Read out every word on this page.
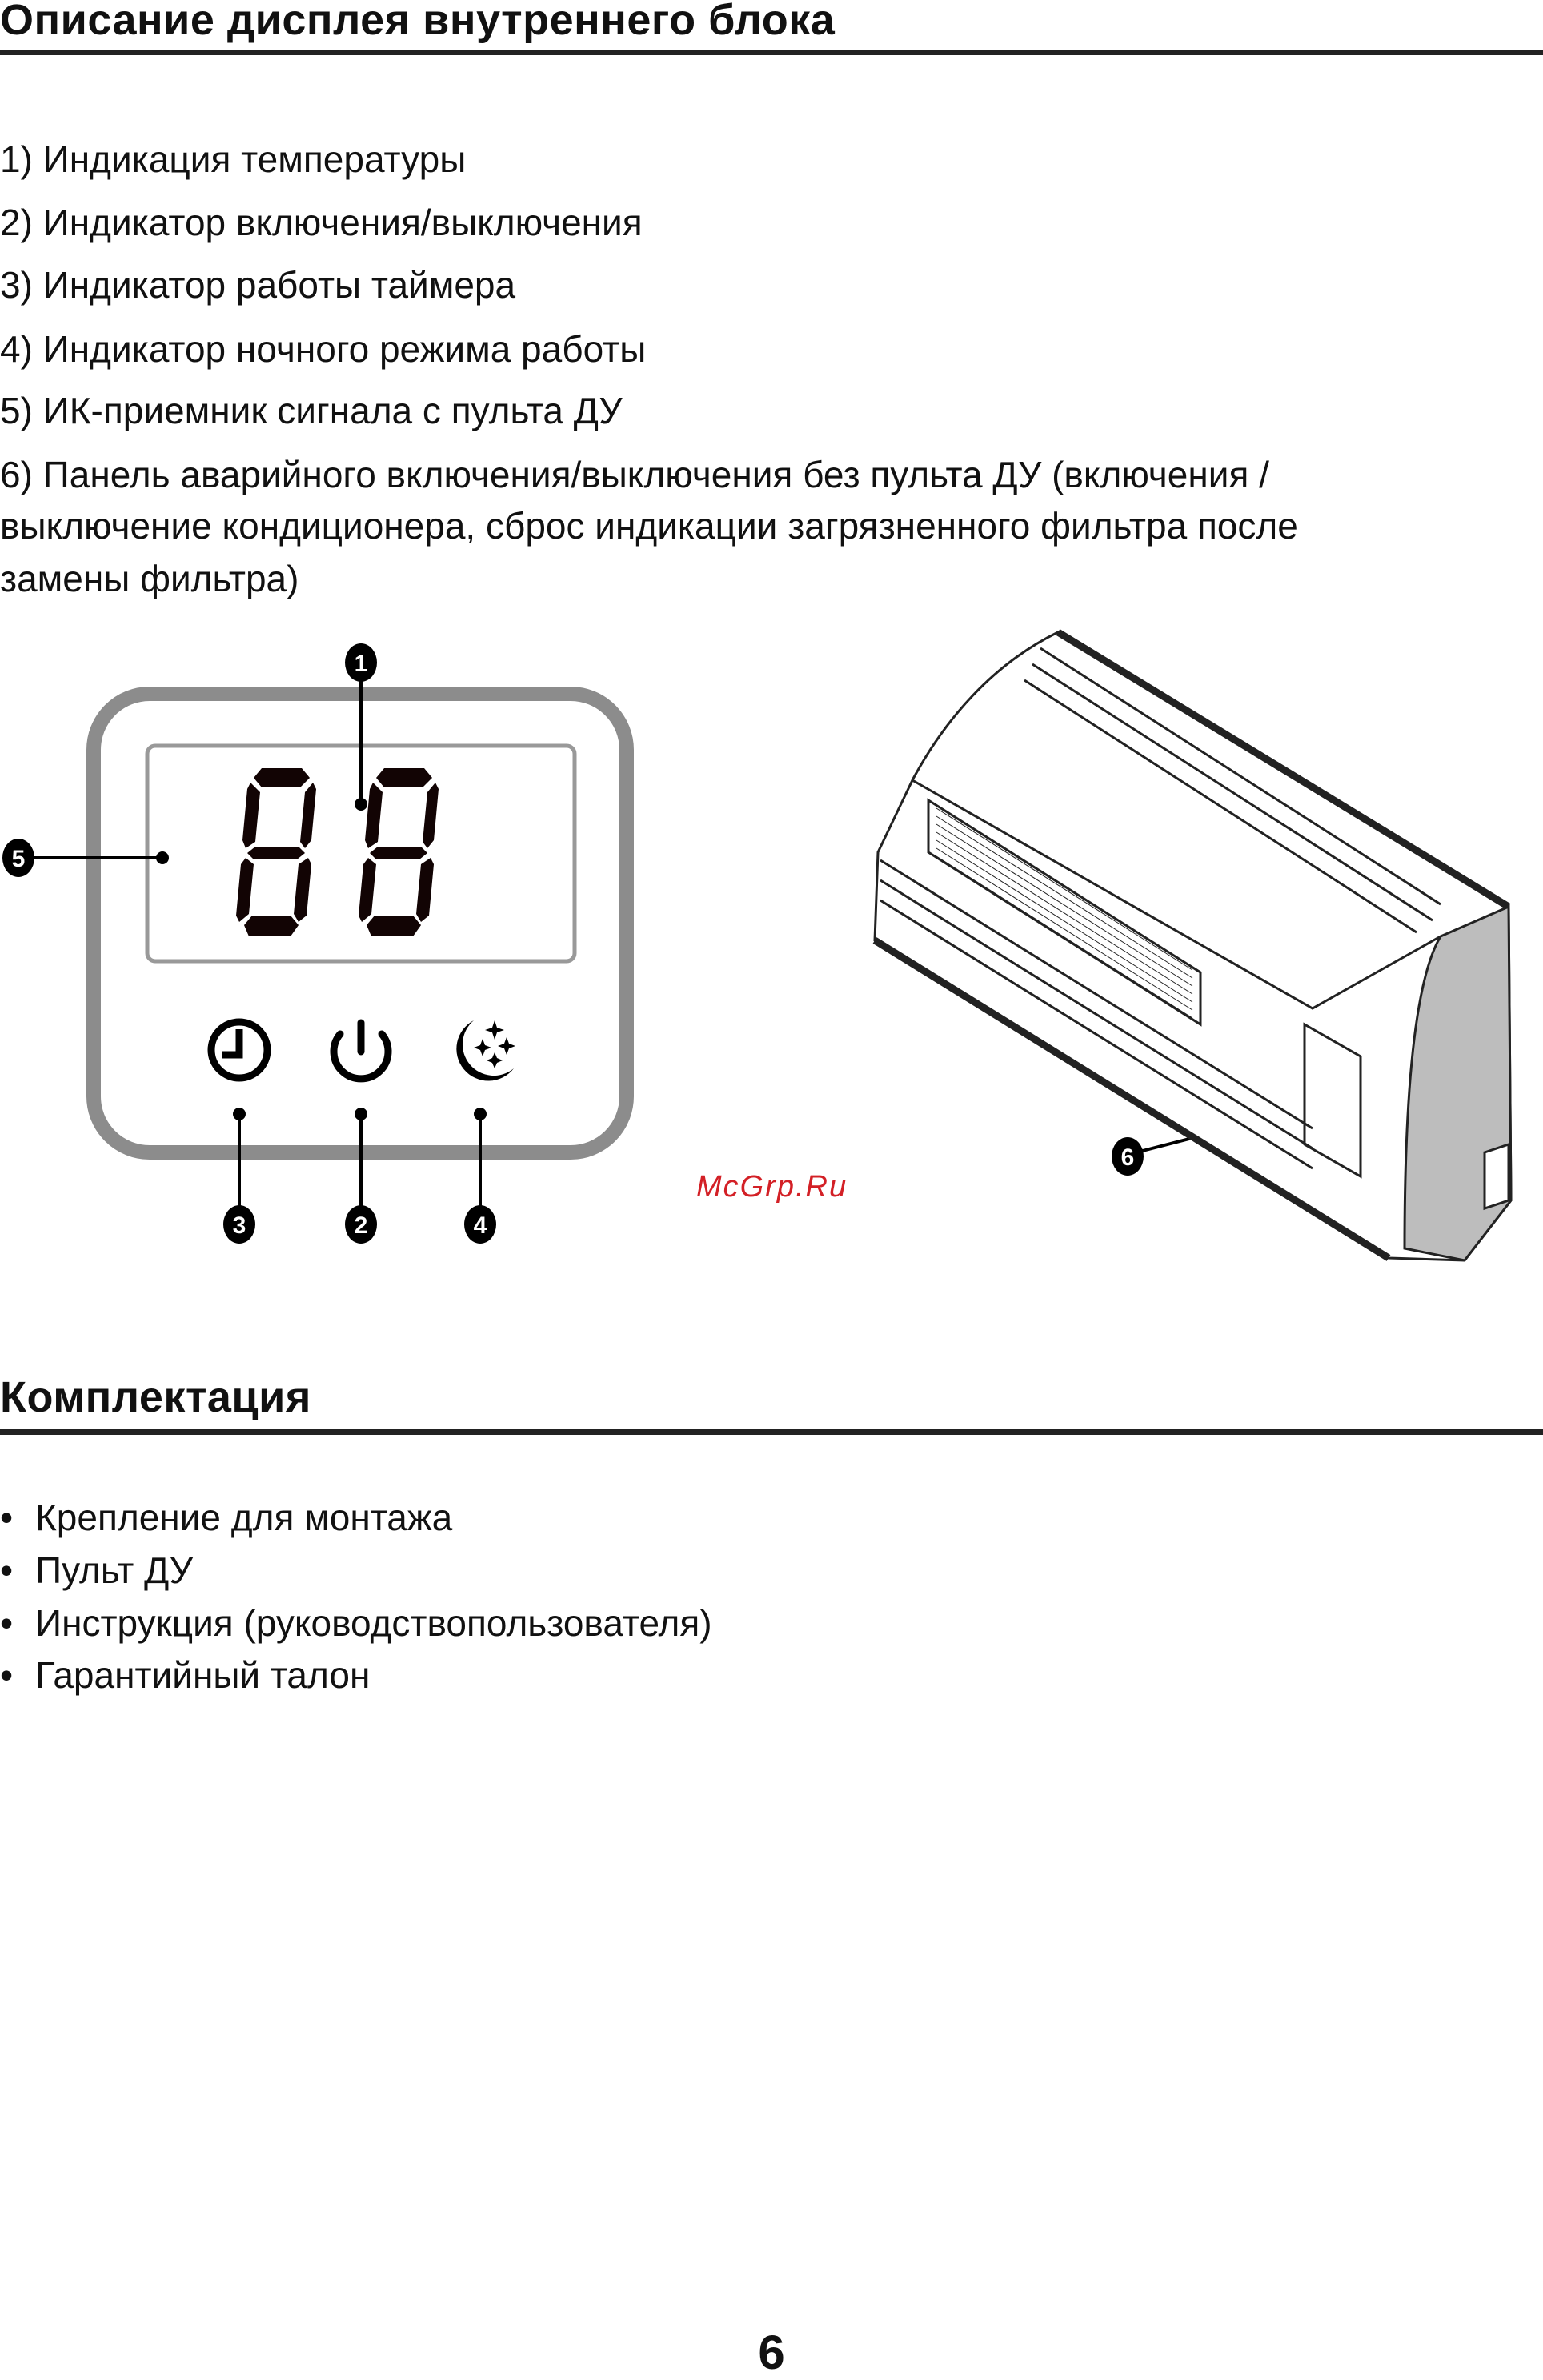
Описание дисплея внутреннего блока
1) Индикация температуры
2) Индикатор включения/выключения
3) Индикатор работы таймера
4) Индикатор ночного режима работы
5) ИК-приемник сигнала с пульта ДУ
6) Панель аварийного включения/выключения без пульта ДУ (включения /
выключение кондиционера, сброс индикации загрязненного фильтра после
замены фильтра)
1
2
3	4
5
6
McGrp.Ru
Комплектация
• Крепление для монтажа
• Пульт ДУ
• Инструкция (руководствопользователя)
• Гарантийный талон
6
